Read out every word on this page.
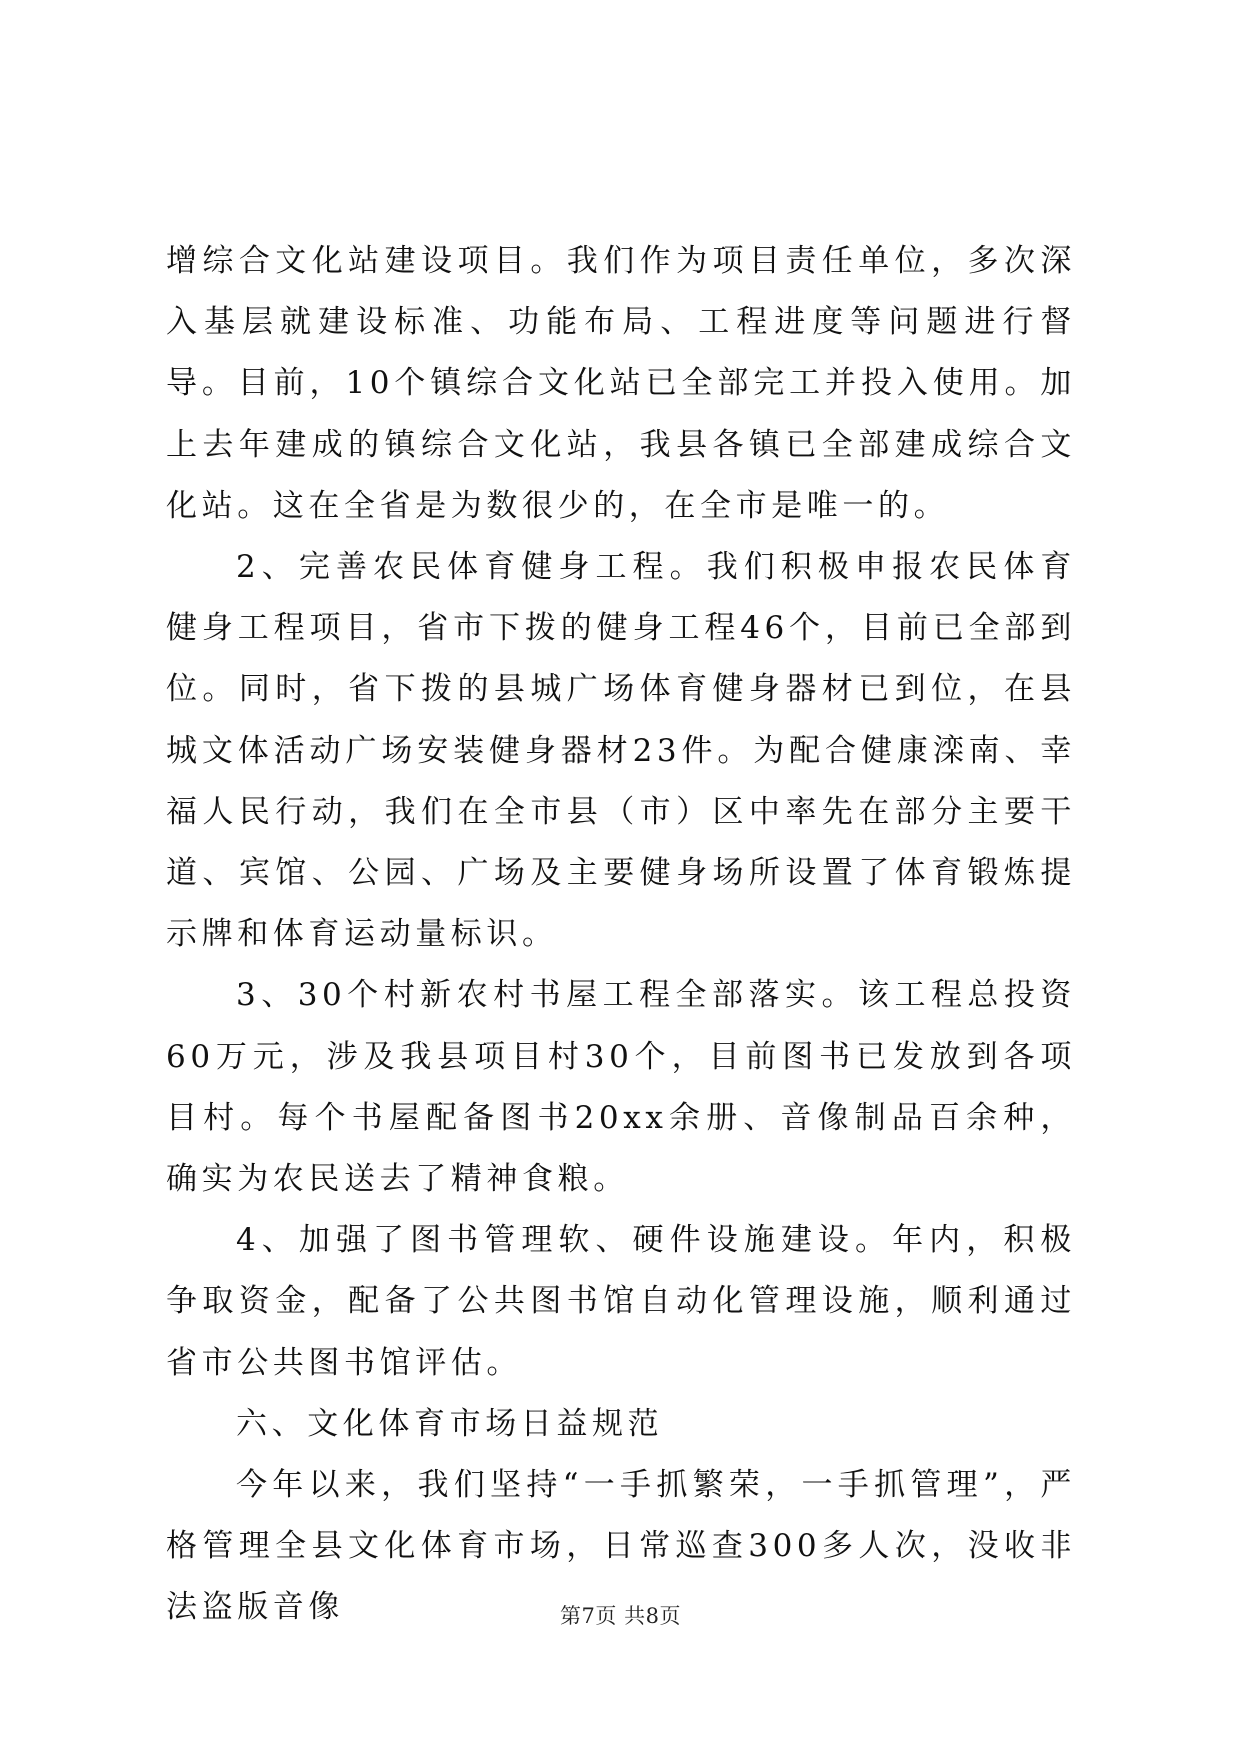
增综合文化站建设项目。我们作为项目责任单位，多次深入基层就建设标准、功能布局、工程进度等问题进行督导。目前，10个镇综合文化站已全部完工并投入使用。加上去年建成的镇综合文化站，我县各镇已全部建成综合文化站。这在全省是为数很少的，在全市是唯一的。

2、完善农民体育健身工程。我们积极申报农民体育健身工程项目，省市下拨的健身工程46个，目前已全部到位。同时，省下拨的县城广场体育健身器材已到位，在县城文体活动广场安装健身器材23件。为配合健康滦南、幸福人民行动，我们在全市县（市）区中率先在部分主要干道、宾馆、公园、广场及主要健身场所设置了体育锻炼提示牌和体育运动量标识。

3、30个村新农村书屋工程全部落实。该工程总投资60万元，涉及我县项目村30个，目前图书已发放到各项目村。每个书屋配备图书20xx余册、音像制品百余种，确实为农民送去了精神食粮。

4、加强了图书管理软、硬件设施建设。年内，积极争取资金，配备了公共图书馆自动化管理设施，顺利通过省市公共图书馆评估。

六、文化体育市场日益规范

今年以来，我们坚持“一手抓繁荣，一手抓管理”，严格管理全县文化体育市场，日常巡查300多人次，没收非法盗版音像	第7页 共8页
